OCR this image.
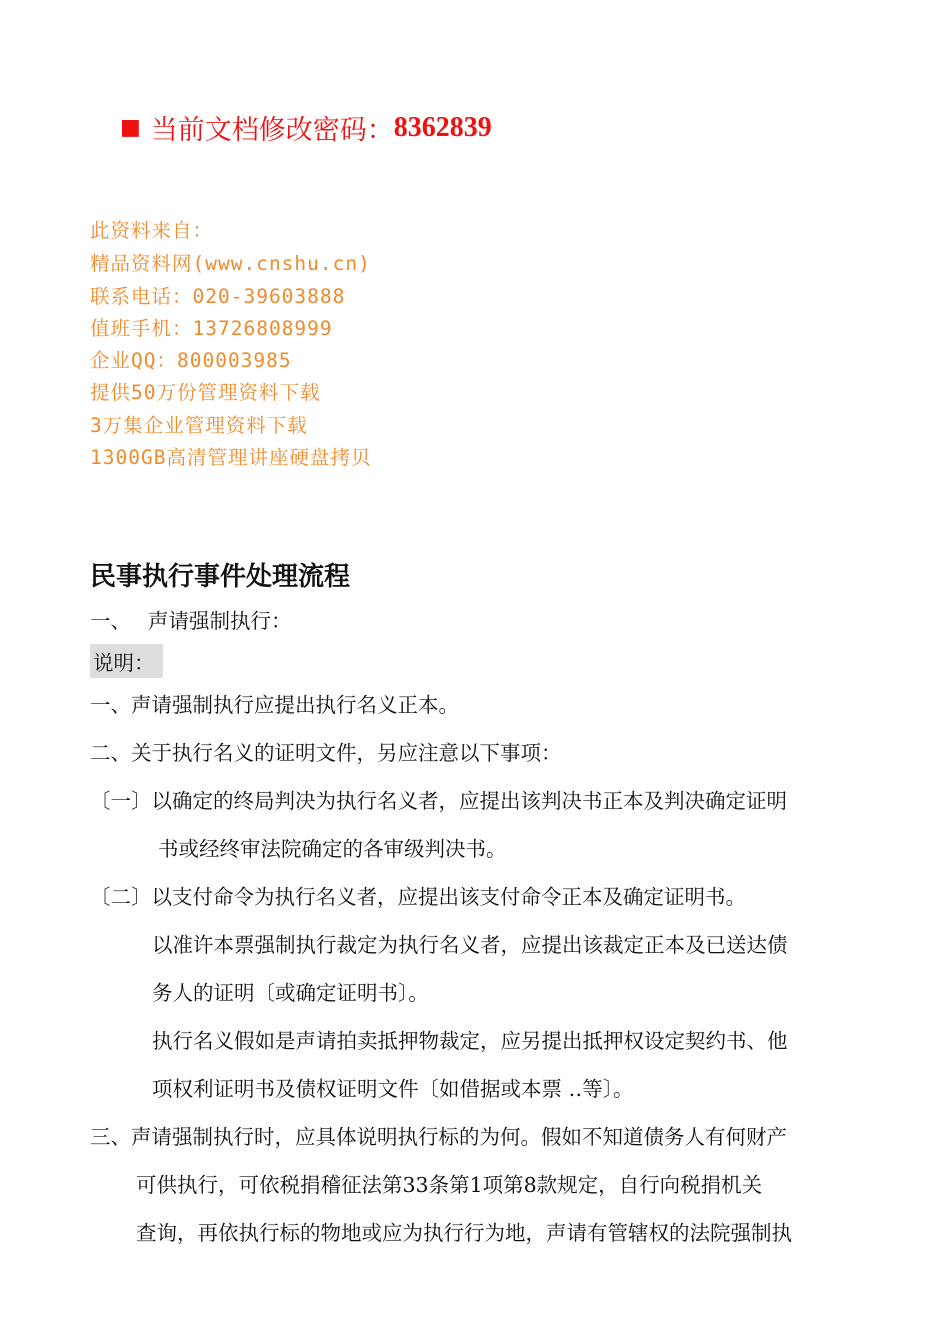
■ 当前文档修改密码： 8362839
此资料来自：
精品资料网(www.cnshu.cn)
联系电话：020-39603888
值班手机：13726808999
企业QQ：800003985
提供50万份管理资料下载
3万集企业管理资料下载
1300GB高清管理讲座硬盘拷贝
民事执行事件处理流程
一、 声请强制执行：
说明：
一、声请强制执行应提出执行名义正本。
二、关于执行名义的证明文件，另应注意以下事项：
〔一〕以确定的终局判决为执行名义者，应提出该判决书正本及判决确定证明
书或经终审法院确定的各审级判决书。
〔二〕以支付命令为执行名义者，应提出该支付命令正本及确定证明书。
以准许本票强制执行裁定为执行名义者，应提出该裁定正本及已送达债
务人的证明〔或确定证明书〕。
执行名义假如是声请拍卖抵押物裁定，应另提出抵押权设定契约书、他
项权利证明书及债权证明文件〔如借据或本票 ‥等〕。
三、声请强制执行时，应具体说明执行标的为何。假如不知道债务人有何财产
可供执行，可依税捐稽征法第33条第1项第8款规定，自行向税捐机关
查询，再依执行标的物地或应为执行行为地，声请有管辖权的法院强制执
